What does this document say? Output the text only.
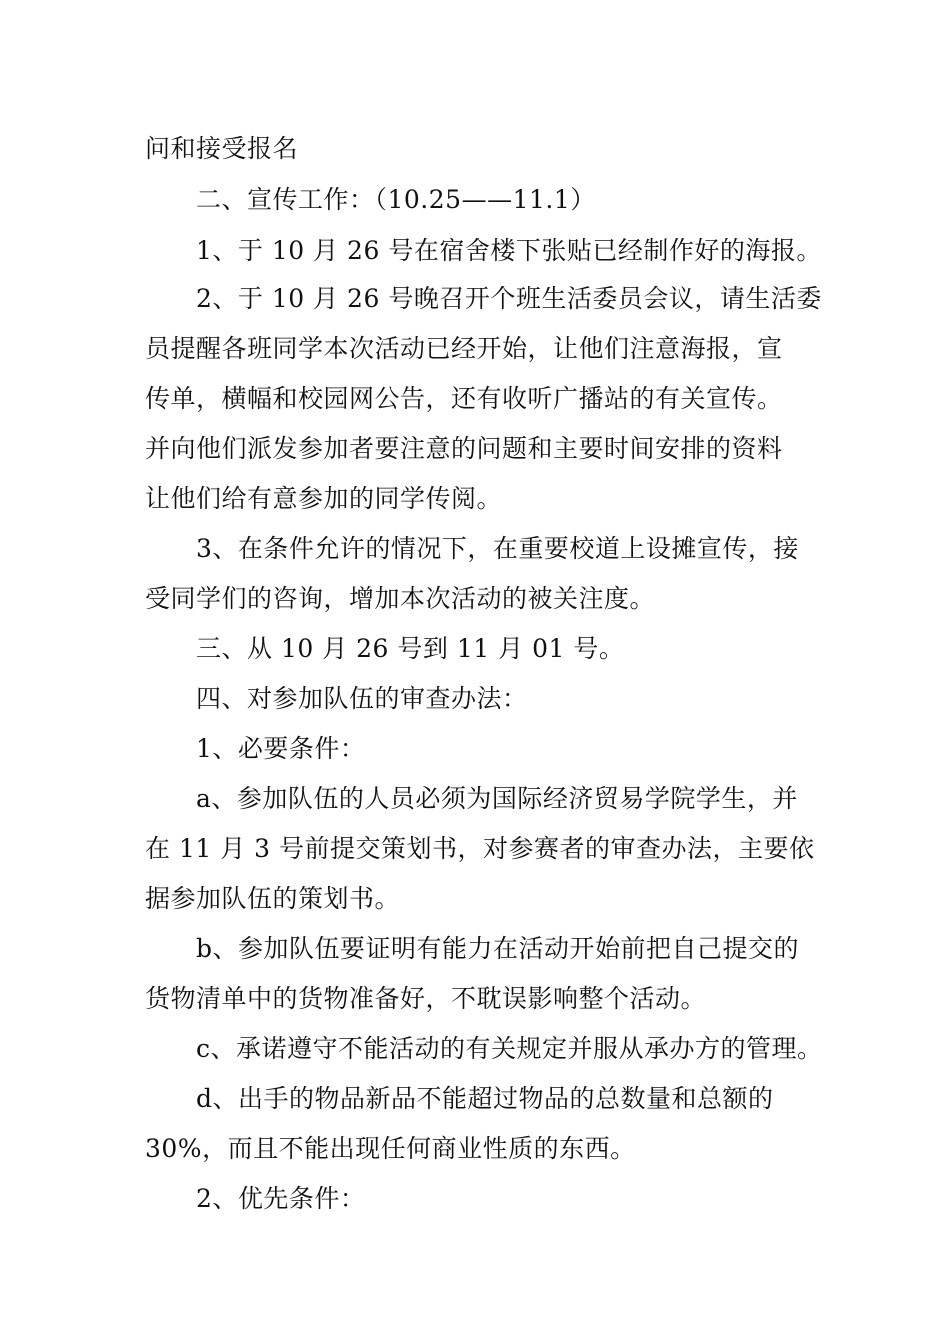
问和接受报名
二、宣传工作：（10.25——11.1）
1、于 10 月 26 号在宿舍楼下张贴已经制作好的海报。
2、于 10 月 26 号晚召开个班生活委员会议，请生活委
员提醒各班同学本次活动已经开始，让他们注意海报，宣
传单，横幅和校园网公告，还有收听广播站的有关宣传。
并向他们派发参加者要注意的问题和主要时间安排的资料
让他们给有意参加的同学传阅。
3、在条件允许的情况下，在重要校道上设摊宣传，接
受同学们的咨询，增加本次活动的被关注度。
三、从 10 月 26 号到 11 月 01 号。
四、对参加队伍的审查办法：
1、必要条件：
a、参加队伍的人员必须为国际经济贸易学院学生，并
在 11 月 3 号前提交策划书，对参赛者的审查办法，主要依
据参加队伍的策划书。
b、参加队伍要证明有能力在活动开始前把自己提交的
货物清单中的货物准备好，不耽误影响整个活动。
c、承诺遵守不能活动的有关规定并服从承办方的管理。
d、出手的物品新品不能超过物品的总数量和总额的
30%，而且不能出现任何商业性质的东西。
2、优先条件：
